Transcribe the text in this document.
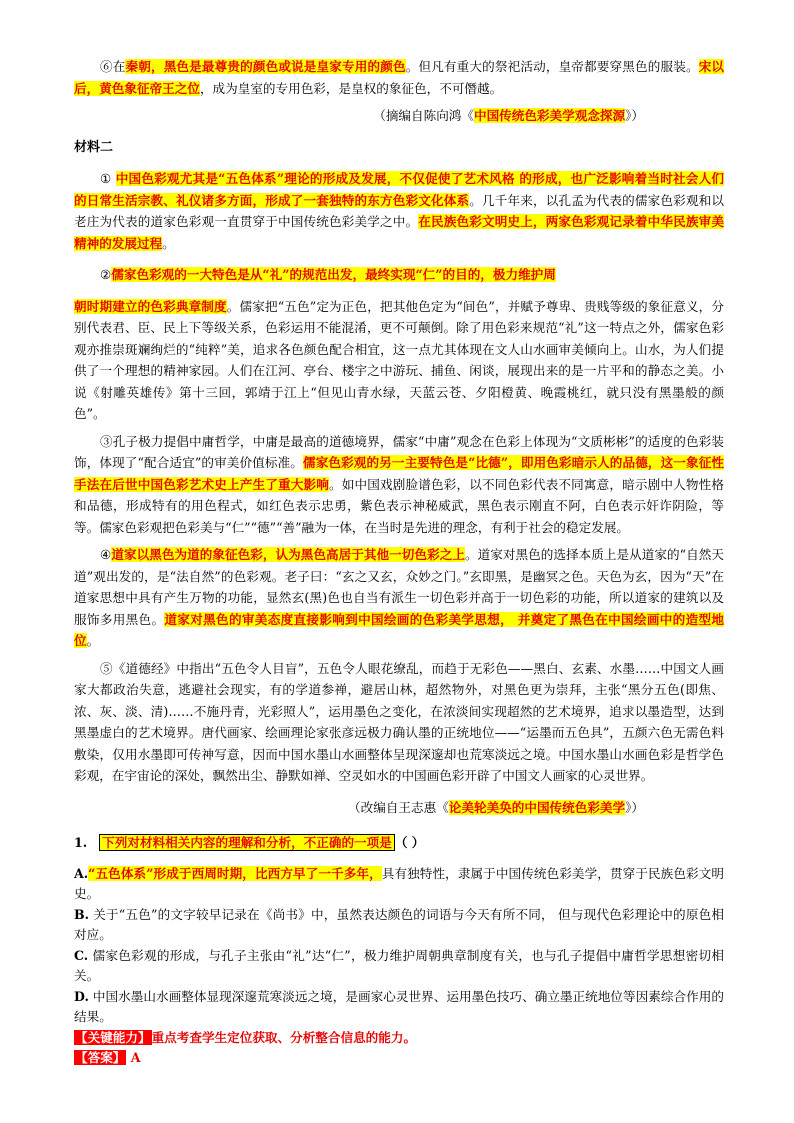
⑥在秦朝，黑色是最尊贵的颜色或说是皇家专用的颜色。但凡有重大的祭祀活动，皇帝都要穿黑色的服装。宋以后，黄色象征帝王之位，成为皇室的专用色彩，是皇权的象征色，不可僭越。

（摘编自陈向鸿《中国传统色彩美学观念探源》）

材料二

① 中国色彩观尤其是“五色体系”理论的形成及发展，不仅促使了艺术风格 的形成，也广泛影响着当时社会人们的日常生活宗教、礼仪诸多方面，形成了一套独特的东方色彩文化体系。几千年来，以孔孟为代表的儒家色彩观和以老庄为代表的道家色彩观一直贯穿于中国传统色彩美学之中。在民族色彩文明史上，两家色彩观记录着中华民族审美精神的发展过程。

②儒家色彩观的一大特色是从“礼”的规范出发，最终实现“仁”的目的，极力维护周

朝时期建立的色彩典章制度。儒家把“五色”定为正色，把其他色定为“间色”，并赋予尊卑、贵贱等级的象征意义，分别代表君、臣、民上下等级关系，色彩运用不能混淆，更不可颠倒。除了用色彩来规范“礼”这一特点之外，儒家色彩观亦推崇斑斓绚烂的“纯粹”美，追求各色颜色配合相宜，这一点尤其体现在文人山水画审美倾向上。山水，为人们提供了一个理想的精神家园。人们在江河、亭台、楼宇之中游玩、捕鱼、闲谈，展现出来的是一片平和的静态之美。小说《射雕英雄传》第十三回，郭靖于江上“但见山青水绿，天蓝云苍、夕阳橙黄、晚霞桃红，就只没有黑墨般的颜色”。

③孔子极力提倡中庸哲学，中庸是最高的道德境界，儒家“中庸”观念在色彩上体现为“文质彬彬”的适度的色彩装饰，体现了“配合适宜”的审美价值标准。儒家色彩观的另一主要特色是“比德”，即用色彩暗示人的品德，这一象征性手法在后世中国色彩艺术史上产生了重大影响。如中国戏剧脸谱色彩，以不同色彩代表不同寓意，暗示剧中人物性格和品德，形成特有的用色程式，如红色表示忠勇，紫色表示神秘威武，黑色表示刚直不阿，白色表示奸诈阴险，等等。儒家色彩观把色彩美与“仁”“德”“善”融为一体，在当时是先进的理念，有利于社会的稳定发展。

④道家以黑色为道的象征色彩，认为黑色高居于其他一切色彩之上。道家对黑色的选择本质上是从道家的“自然天道”观出发的，是“法自然”的色彩观。老子曰：“玄之又玄，众妙之门。”玄即黑，是幽冥之色。天色为玄，因为“天”在道家思想中具有产生万物的功能，显然玄(黑)色也自当有派生一切色彩并高于一切色彩的功能，所以道家的建筑以及服饰多用黑色。道家对黑色的审美态度直接影响到中国绘画的色彩美学思想， 并奠定了黑色在中国绘画中的造型地位。

⑤《道德经》中指出“五色令人目盲”，五色令人眼花缭乱，而趋于无彩色——黑白、玄素、水墨……中国文人画家大都政治失意，逃避社会现实，有的学道参禅，避居山林，超然物外，对黑色更为崇拜，主张“黑分五色(即焦、浓、灰、淡、清)……不施丹青，光彩照人”，运用墨色之变化，在浓淡间实现超然的艺术境界，追求以墨造型，达到黑墨虚白的艺术境界。唐代画家、绘画理论家张彦远极力确认墨的正统地位——“运墨而五色具”，五颜六色无需色料敷染，仅用水墨即可传神写意，因而中国水墨山水画整体呈现深邃却也荒寒淡远之境。中国水墨山水画色彩是哲学色彩观，在宇宙论的深处，飘然出尘、静默如禅、空灵如水的中国画色彩开辟了中国文人画家的心灵世界。

（改编自王志惠《论美轮美奂的中国传统色彩美学》）

1. 下列对材料相关内容的理解和分析，不正确的一项是 （ ）

A.“五色体系”形成于西周时期，比西方早了一千多年，具有独特性，隶属于中国传统色彩美学，贯穿于民族色彩文明史。

B. 关于“五色”的文字较早记录在《尚书》中，虽然表达颜色的词语与今天有所不同， 但与现代色彩理论中的原色相对应。

C. 儒家色彩观的形成，与孔子主张由“礼”达“仁”，极力维护周朝典章制度有关，也与孔子提倡中庸哲学思想密切相关。

D. 中国水墨山水画整体显现深邃荒寒淡远之境，是画家心灵世界、运用墨色技巧、确立墨正统地位等因素综合作用的结果。

【关键能力】重点考查学生定位获取、分析整合信息的能力。

【答案】 A
